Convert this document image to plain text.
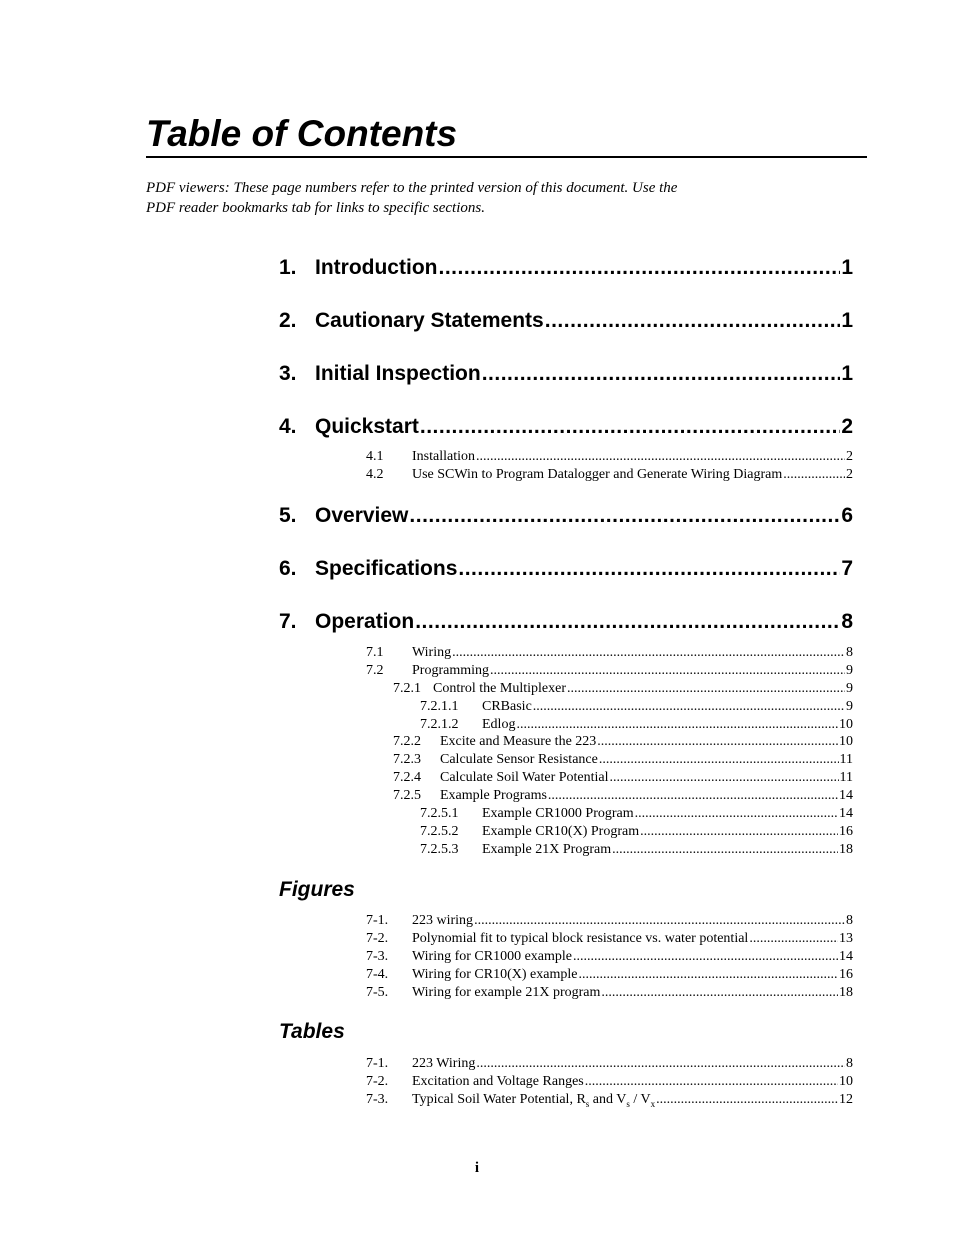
Table of Contents
PDF viewers: These page numbers refer to the printed version of this document. Use the
PDF reader bookmarks tab for links to specific sections.
1. Introduction .....	1
2. Cautionary Statements .....	1
3. Initial Inspection .....	1
4. Quickstart .....	2
4.1	Installation .....	2
4.2	Use SCWin to Program Datalogger and Generate Wiring Diagram .....	2
5. Overview .....	6
6. Specifications .....	7
7. Operation .....	8
7.1	Wiring .....	8
7.2	Programming .....	9
7.2.1 Control the Multiplexer .....	9
7.2.1.1	CRBasic .....	9
7.2.1.2	Edlog .....	10
7.2.2	Excite and Measure the 223 .....	10
7.2.3	Calculate Sensor Resistance .....	11
7.2.4	Calculate Soil Water Potential .....	11
7.2.5	Example Programs .....	14
7.2.5.1	Example CR1000 Program .....	14
7.2.5.2	Example CR10(X) Program .....	16
7.2.5.3	Example 21X Program .....	18
Figures
7-1.	223 wiring .....	8
7-2.	Polynomial fit to typical block resistance vs. water potential .....	13
7-3.	Wiring for CR1000 example .....	14
7-4.	Wiring for CR10(X) example .....	16
7-5.	Wiring for example 21X program .....	18
Tables
7-1.	223 Wiring .....	8
7-2.	Excitation and Voltage Ranges .....	10
7-3.	Typical Soil Water Potential, $R_s$ and $V_s / V_x$ .....	12
i
